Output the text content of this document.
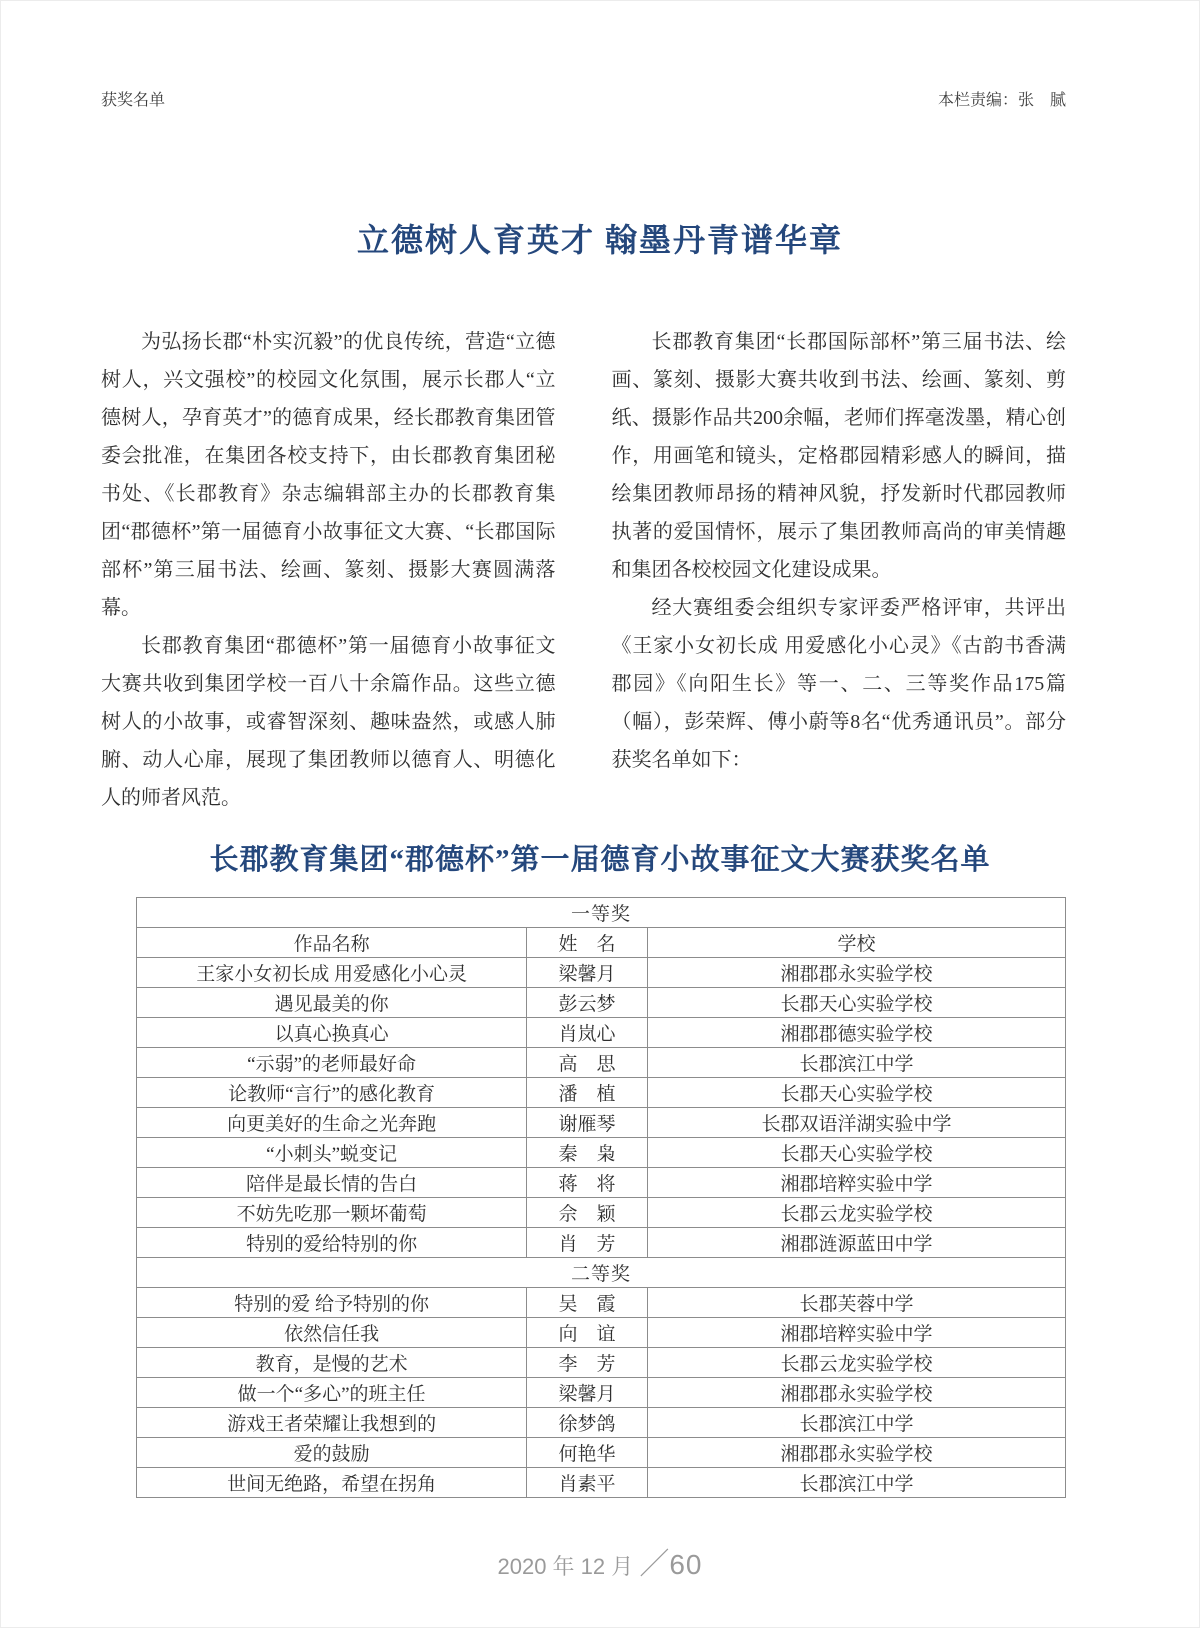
获奖名单	本栏责编：张　腻
立德树人育英才 翰墨丹青谱华章

为弘扬长郡“朴实沉毅”的优良传统，营造“立德树人，兴文强校”的校园文化氛围，展示长郡人“立德树人，孕育英才”的德育成果，经长郡教育集团管委会批准，在集团各校支持下，由长郡教育集团秘书处、《长郡教育》杂志编辑部主办的长郡教育集团“郡德杯”第一届德育小故事征文大赛、“长郡国际部杯”第三届书法、绘画、篆刻、摄影大赛圆满落幕。

长郡教育集团“郡德杯”第一届德育小故事征文大赛共收到集团学校一百八十余篇作品。这些立德树人的小故事，或睿智深刻、趣味盎然，或感人肺腑、动人心扉，展现了集团教师以德育人、明德化人的师者风范。

长郡教育集团“长郡国际部杯”第三届书法、绘画、篆刻、摄影大赛共收到书法、绘画、篆刻、剪纸、摄影作品共200余幅，老师们挥毫泼墨，精心创作，用画笔和镜头，定格郡园精彩感人的瞬间，描绘集团教师昂扬的精神风貌，抒发新时代郡园教师执著的爱国情怀，展示了集团教师高尚的审美情趣和集团各校校园文化建设成果。

经大赛组委会组织专家评委严格评审，共评出《王家小女初长成 用爱感化小心灵》《古韵书香满郡园》《向阳生长》等一、二、三等奖作品175篇（幅），彭荣辉、傅小蔚等8名“优秀通讯员”。部分获奖名单如下：

长郡教育集团“郡德杯”第一届德育小故事征文大赛获奖名单
一等奖		
作品名称	姓　名	学校
王家小女初长成 用爱感化小心灵	梁馨月	湘郡郡永实验学校
遇见最美的你	彭云梦	长郡天心实验学校
以真心换真心	肖岚心	湘郡郡德实验学校
“示弱”的老师最好命	高　思	长郡滨江中学
论教师“言行”的感化教育	潘　植	长郡天心实验学校
向更美好的生命之光奔跑	谢雁琴	长郡双语洋湖实验中学
“小刺头”蜕变记	秦　枭	长郡天心实验学校
陪伴是最长情的告白	蒋　将	湘郡培粹实验中学
不妨先吃那一颗坏葡萄	佘　颖	长郡云龙实验学校
特别的爱给特别的你	肖　芳	湘郡涟源蓝田中学
二等奖		
特别的爱 给予特别的你	吴　霞	长郡芙蓉中学
依然信任我	向　谊	湘郡培粹实验中学
教育，是慢的艺术	李　芳	长郡云龙实验学校
做一个“多心”的班主任	梁馨月	湘郡郡永实验学校
游戏王者荣耀让我想到的	徐梦鸽	长郡滨江中学
爱的鼓励	何艳华	湘郡郡永实验学校
世间无绝路，希望在拐角	肖素平	长郡滨江中学
2020 年 12 月 ／60
